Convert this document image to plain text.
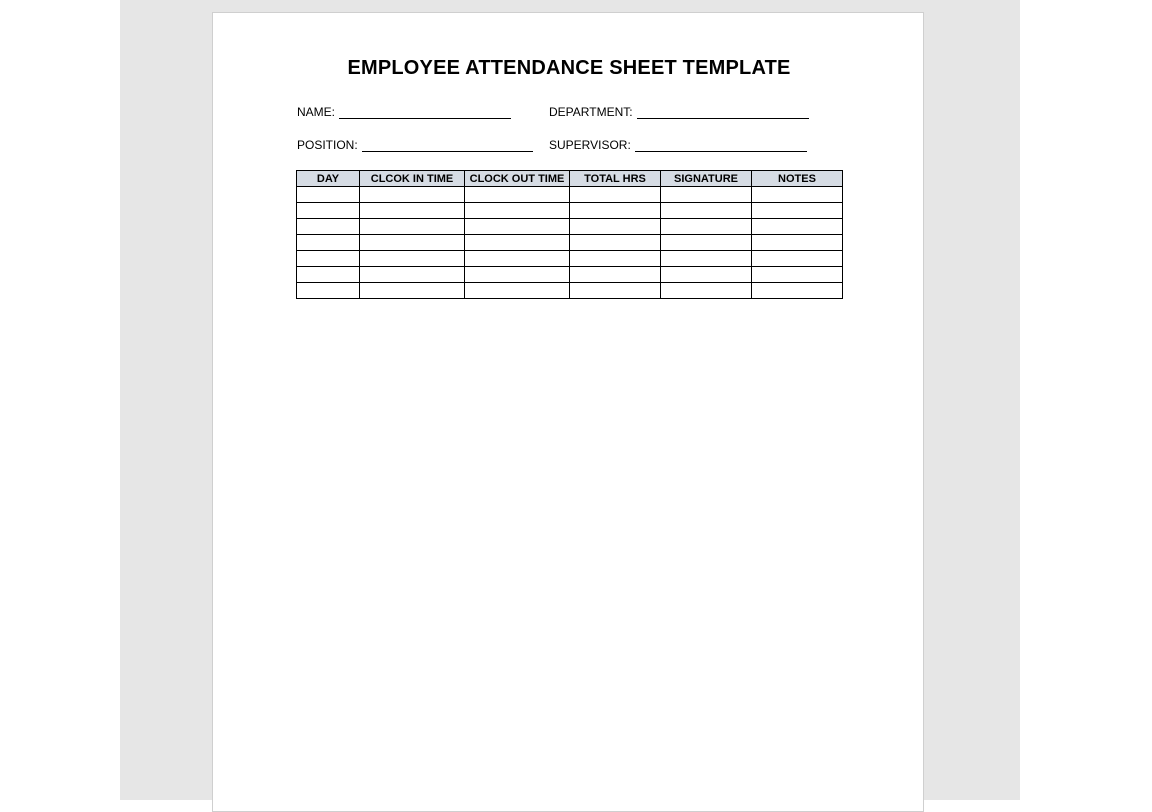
EMPLOYEE ATTENDANCE SHEET TEMPLATE
NAME:	DEPARTMENT:
POSITION:	SUPERVISOR:
DAY	CLCOK IN TIME	CLOCK OUT TIME	TOTAL HRS	SIGNATURE	NOTES
